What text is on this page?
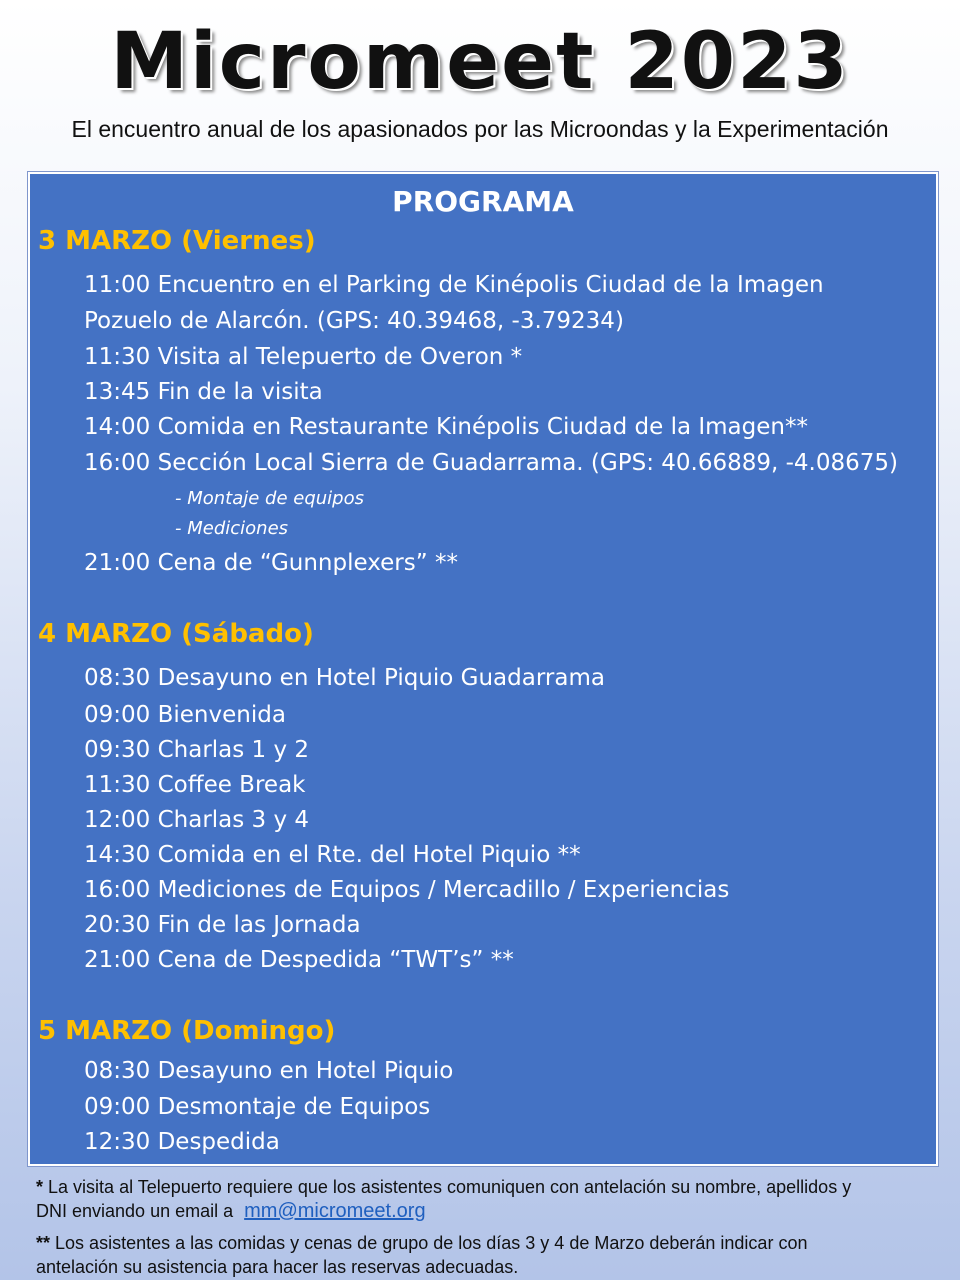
Micromeet 2023
El encuentro anual de los apasionados por las Microondas y la Experimentación
PROGRAMA
3 MARZO (Viernes)
11:00 Encuentro en el Parking de Kinépolis Ciudad de la Imagen
Pozuelo de Alarcón. (GPS: 40.39468, -3.79234)
11:30 Visita al Telepuerto de Overon *
13:45 Fin de la visita
14:00 Comida en Restaurante Kinépolis Ciudad de la Imagen**
16:00 Sección Local Sierra de Guadarrama. (GPS: 40.66889, -4.08675)
- Montaje de equipos
- Mediciones
21:00 Cena de “Gunnplexers” **
4 MARZO (Sábado)
08:30 Desayuno en Hotel Piquio Guadarrama
09:00 Bienvenida
09:30 Charlas 1 y 2
11:30 Coffee Break
12:00 Charlas 3 y 4
14:30 Comida en el Rte. del Hotel Piquio **
16:00 Mediciones de Equipos / Mercadillo / Experiencias
20:30 Fin de las Jornada
21:00 Cena de Despedida “TWT’s” **
5 MARZO (Domingo)
08:30 Desayuno en Hotel Piquio
09:00 Desmontaje de Equipos
12:30 Despedida
* La visita al Telepuerto requiere que los asistentes comuniquen con antelación su nombre, apellidos y
DNI enviando un email a mm@micromeet.org
** Los asistentes a las comidas y cenas de grupo de los días 3 y 4 de Marzo deberán indicar con
antelación su asistencia para hacer las reservas adecuadas.
